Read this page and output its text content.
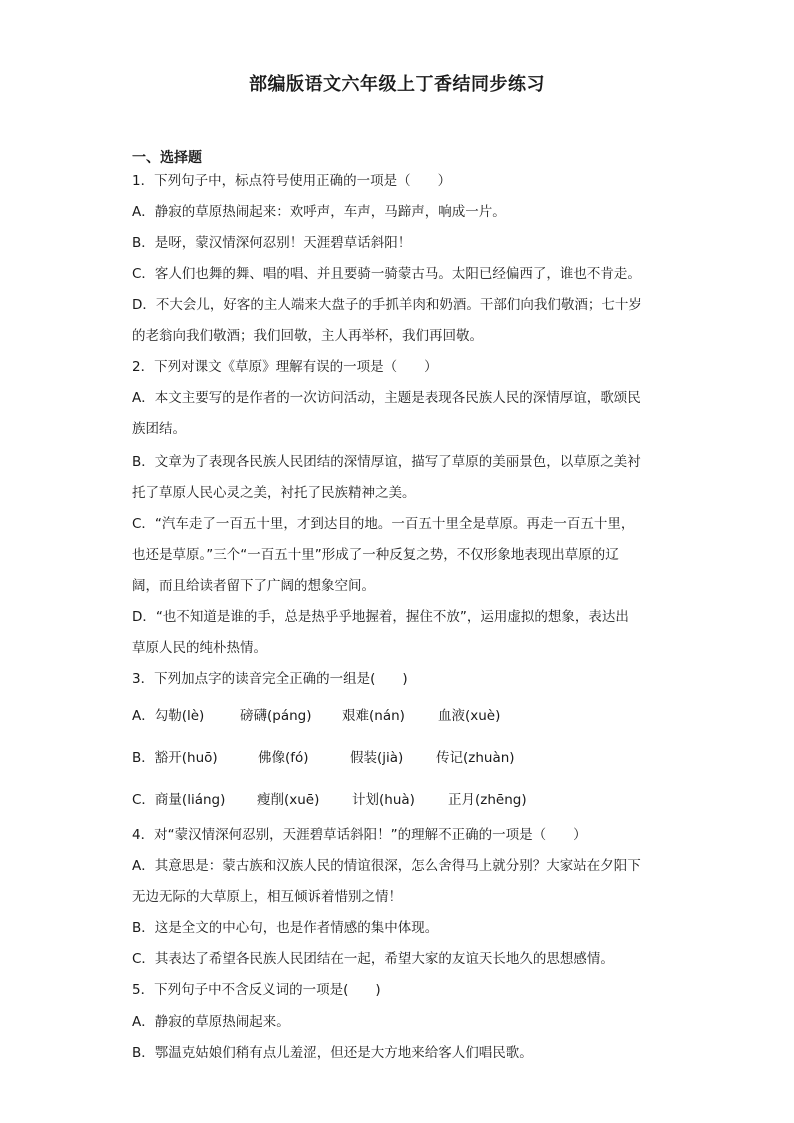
部编版语文六年级上丁香结同步练习
一、选择题
1．下列句子中，标点符号使用正确的一项是（　　）
A．静寂的草原热闹起来：欢呼声，车声，马蹄声，响成一片。
B．是呀，蒙汉情深何忍别！天涯碧草话斜阳！
C．客人们也舞的舞、唱的唱、并且要骑一骑蒙古马。太阳已经偏西了，谁也不肯走。
D．不大会儿，好客的主人端来大盘子的手抓羊肉和奶酒。干部们向我们敬酒；七十岁
的老翁向我们敬酒；我们回敬，主人再举杯，我们再回敬。
2．下列对课文《草原》理解有误的一项是（　　）
A．本文主要写的是作者的一次访问活动，主题是表现各民族人民的深情厚谊，歌颂民
族团结。
B．文章为了表现各民族人民团结的深情厚谊，描写了草原的美丽景色，以草原之美衬
托了草原人民心灵之美，衬托了民族精神之美。
C．“汽车走了一百五十里，才到达目的地。一百五十里全是草原。再走一百五十里，
也还是草原。”三个“一百五十里”形成了一种反复之势，不仅形象地表现出草原的辽
阔，而且给读者留下了广阔的想象空间。
D．“也不知道是谁的手，总是热乎乎地握着，握住不放”，运用虚拟的想象，表达出
草原人民的纯朴热情。
3．下列加点字的读音完全正确的一组是(　　)
A．勾勒(lè)	磅礴(páng) 艰难(nán) 血液(xuè)
B．豁开(huō)	佛像(fó)	假装(jià) 传记(zhuàn)
C．商量(liáng) 瘦削(xuē) 计划(huà) 正月(zhēng)
4．对“蒙汉情深何忍别，天涯碧草话斜阳！”的理解不正确的一项是（　　）
A．其意思是：蒙古族和汉族人民的情谊很深，怎么舍得马上就分别？大家站在夕阳下
无边无际的大草原上，相互倾诉着惜别之情！
B．这是全文的中心句，也是作者情感的集中体现。
C．其表达了希望各民族人民团结在一起，希望大家的友谊天长地久的思想感情。
5．下列句子中不含反义词的一项是(　　)
A．静寂的草原热闹起来。
B．鄂温克姑娘们稍有点儿羞涩，但还是大方地来给客人们唱民歌。
